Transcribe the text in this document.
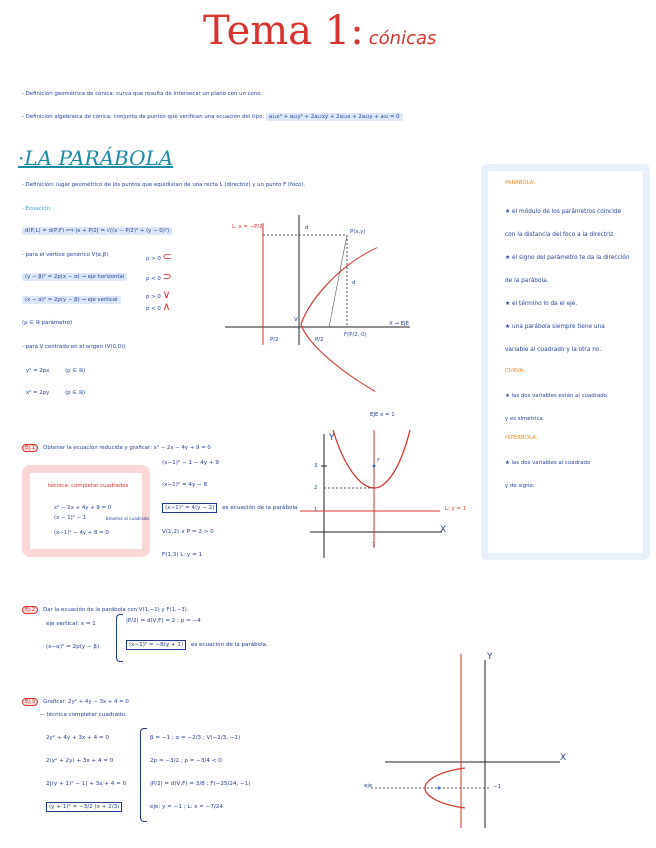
Tema 1: cónicas
- Definición geométrica de cónica: curva que resulta de intersecar un plano con un cono.
- Definición algebraica de cónica: conjunto de puntos que verifican una ecuación del tipo: a₁₁x² + a₂₂y² + 2a₁₂xy + 2a₁₃x + 2a₂₃y + a₃₃ = 0
·LA PARÁBOLA
- Definición: lugar geométrico de los puntos que equidistan de una recta L (directriz) y un punto F (foco).
- Ecuación:
d(P,L) = d(P,F) ⟺ |x + P/2| = √((x − P/2)² + (y − 0)²)
- para el vértice genérico V(α,β)
(y − β)² = 2p(x − α) → eje horizontal
(x − α)² = 2p(y − β) → eje vertical
(p ∈ ℝ parámetro)
- para V centrado en el origen (V(0,0))
y² = 2px	(p ∈ ℝ)
x² = 2py	(p ∈ ℝ)
p > 0 ⊂
p < 0 ⊃
p > 0 ∨
p < 0 ∧
L: x = −P/2	d
d
P(x,y)
V
F(P/2, 0)
X → EJE
P/2	P/2
PARÁBOLA:
★ el módulo de los parámetros coincide con la distancia del foco a la directriz.
★ el signo del parámetro te da la dirección de la parábola.
★ el término lo da el eje.
★ una parábola siempre tiene una variable al cuadrado y la otra no.
CURVA:
★ las dos variables están al cuadrado
y es simétrica.
HIPÉRBOLA:
★ las dos variables al cuadrado
y de signo.
Ej.1 Obtener la ecuación reducida y graficar: x² − 2x − 4y + 9 = 0
técnica: completar cuadrados
x² − 2x + 4y + 9 = 0
(x − 1)² − 1	binomio al cuadrado
(x−1)² − 4y + 8 = 0
(x−1)² − 1 − 4y + 9
(x−1)² = 4y − 8
(x−1)² = 4(y − 2) es ecuación de la parábola
V(1,2) ∨ P = 2 > 0
F(1,3) L: y = 1
EJE x = 1
L: y = 1
F
3
2
1
1
X
Y
Ej.2 Dar la ecuación de la parábola con V(1,−1) y F(1,−3).
eje vertical: x = 1
(x−α)² = 2p(y − β)
|P/2| = d(V,F) = 2 ; p = −4
(x−1)² = −8(y + 1) es ecuación de la parábola.
Ej.3 Graficar: 2y² + 4y − 3x + 4 = 0
− técnica completar cuadrado.
2y² + 4y + 3x + 4 = 0
2(y² + 2y) + 3x + 4 = 0
2[(y + 1)² − 1] + 3x + 4 = 0
(y + 1)² = −3/2 (x + 2/3)
β = −1 ; α = −2/3 ; V(−2/3, −1)
2p = −3/2 ; p = −3/4 < 0
|P/2| = d(V,F) = 3/8 ; F(−25/24, −1)
eje: y = −1 ; L: x = −7/24
eje
X
Y
−1
